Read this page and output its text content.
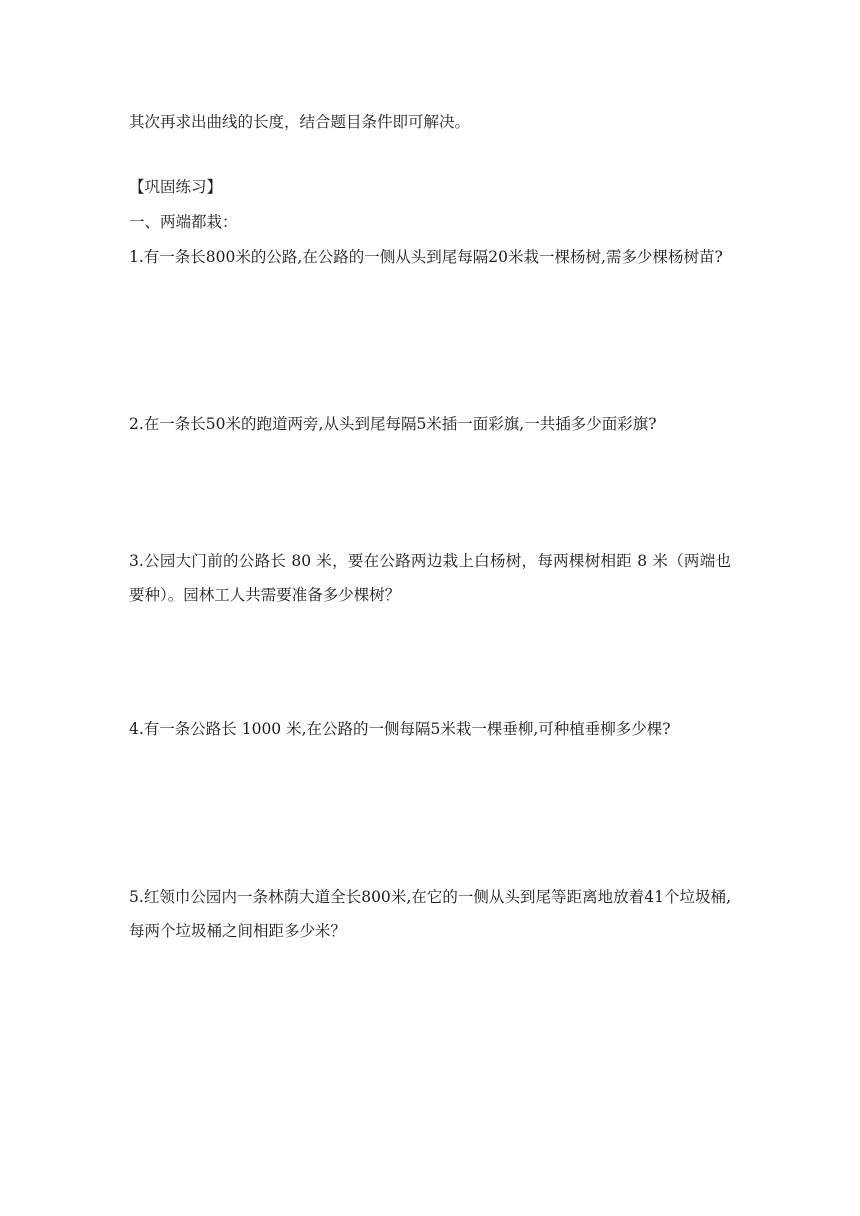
其次再求出曲线的长度，结合题目条件即可解决。
【巩固练习】
一、两端都栽：
1.有一条长800米的公路,在公路的一侧从头到尾每隔20米栽一棵杨树,需多少棵杨树苗?
2.在一条长50米的跑道两旁,从头到尾每隔5米插一面彩旗,一共插多少面彩旗?
3.公园大门前的公路长 80 米，要在公路两边栽上白杨树，每两棵树相距 8 米（两端也要种）。园林工人共需要准备多少棵树？
4.有一条公路长 1000 米,在公路的一侧每隔5米栽一棵垂柳,可种植垂柳多少棵?
5.红领巾公园内一条林荫大道全长800米,在它的一侧从头到尾等距离地放着41个垃圾桶,每两个垃圾桶之间相距多少米？
